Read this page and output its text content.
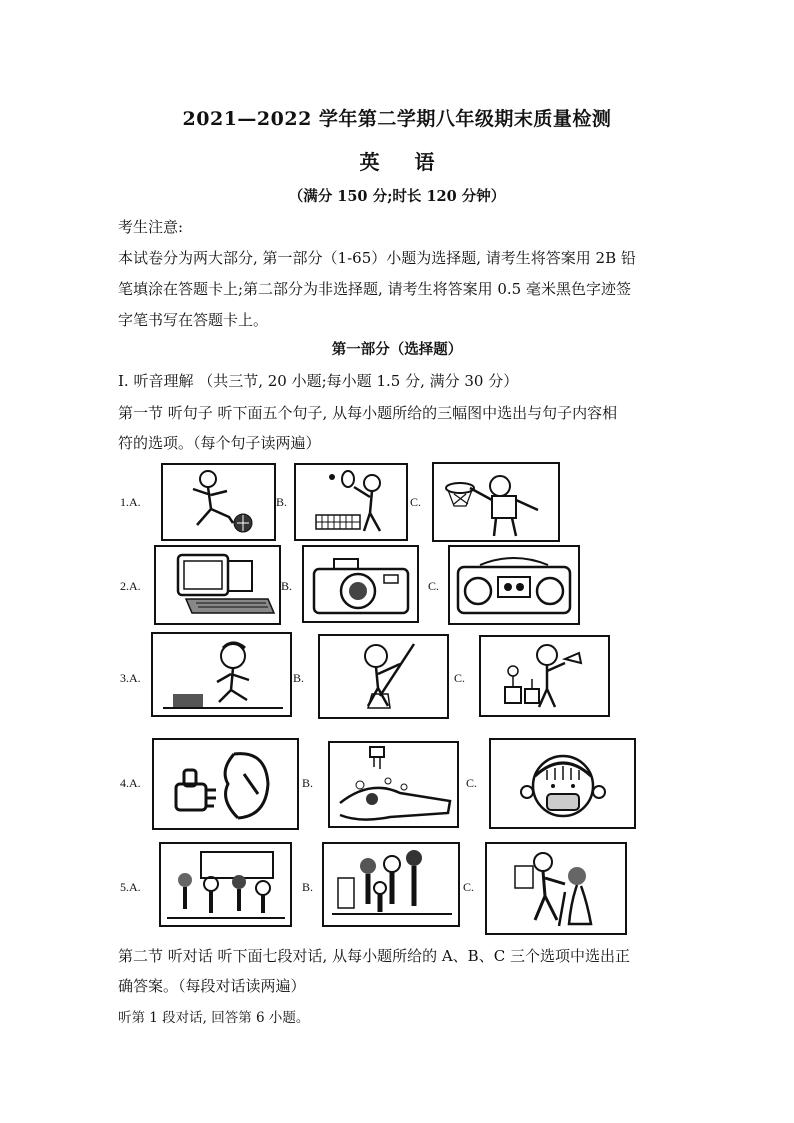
2021—2022 学年第二学期八年级期末质量检测
英 语
（满分 150 分;时长 120 分钟）
考生注意:
本试卷分为两大部分, 第一部分（1-65）小题为选择题, 请考生将答案用 2B 铅
笔填涂在答题卡上;第二部分为非选择题, 请考生将答案用 0.5 毫米黑色字迹签
字笔书写在答题卡上。
第一部分（选择题）
I. 听音理解 （共三节, 20 小题;每小题 1.5 分, 满分 30 分）
第一节 听句子 听下面五个句子, 从每小题所给的三幅图中选出与句子内容相
符的选项。（每个句子读两遍）
1.A.	B.	C.
2.A.	B.	C.
3.A.	B.	C.
4.A.	B.	C.
5.A.	B.	C.
第二节 听对话 听下面七段对话, 从每小题所给的 A、B、C 三个选项中选出正
确答案。（每段对话读两遍）
听第 1 段对话, 回答第 6 小题。
